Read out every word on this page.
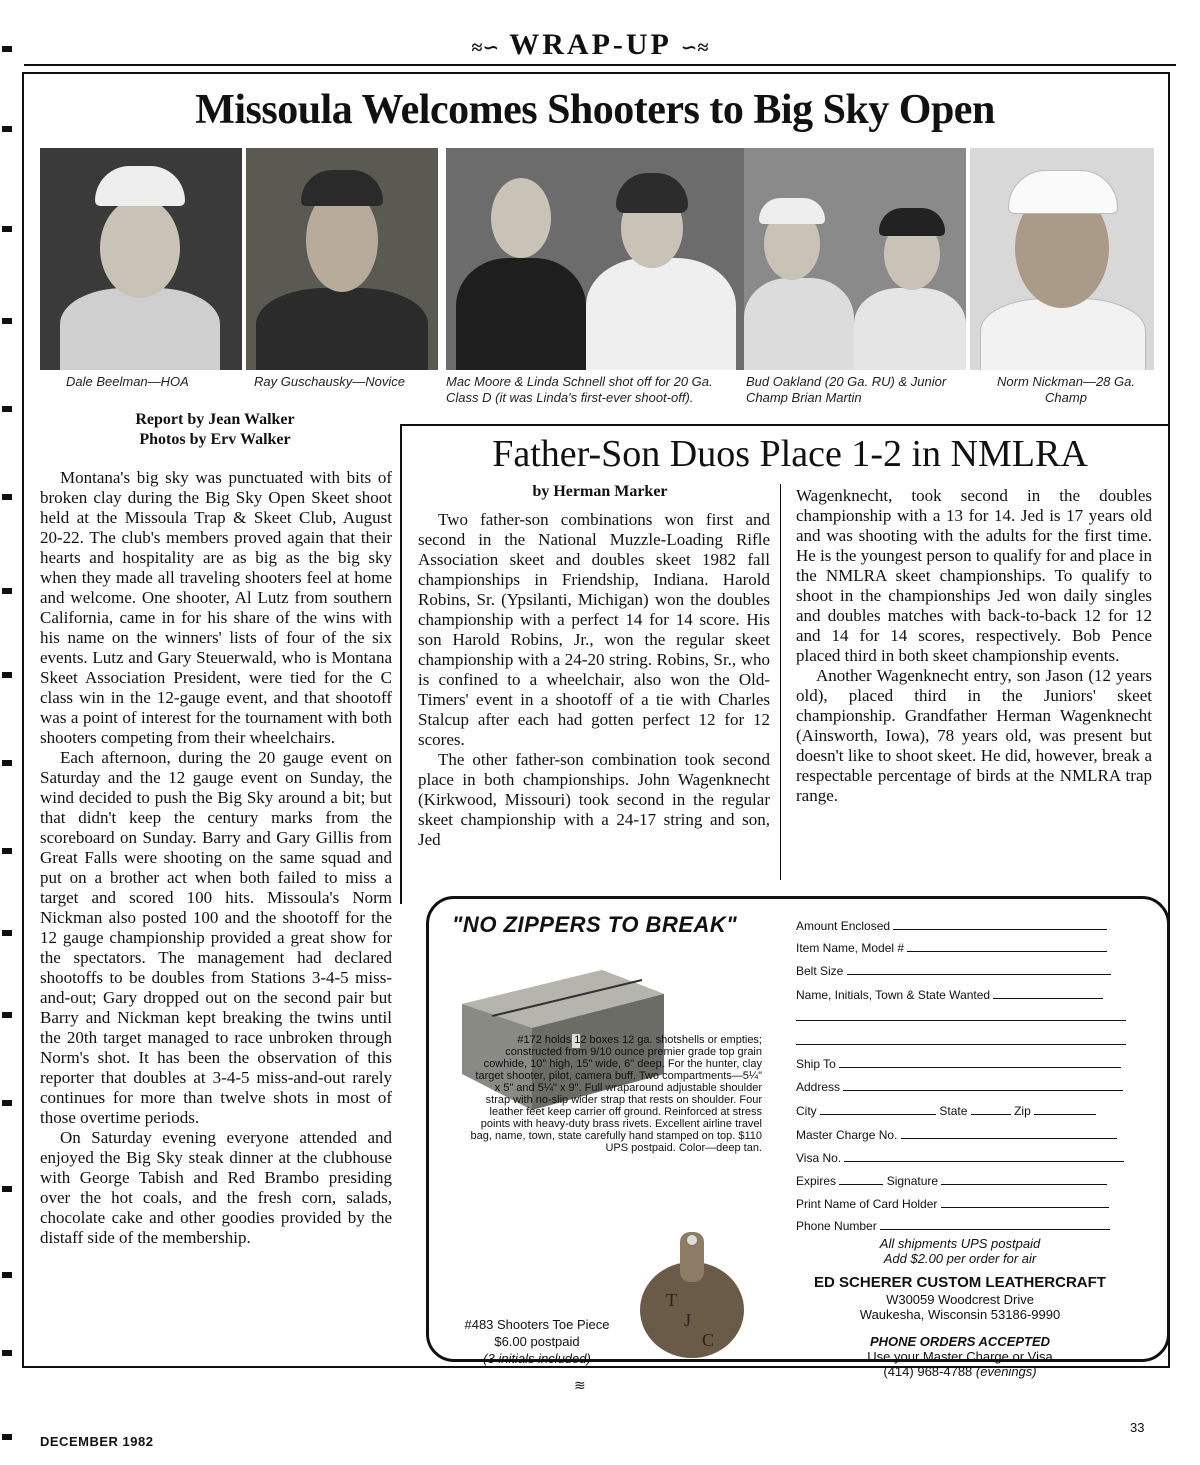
≈∽ WRAP-UP ∽≈
Missoula Welcomes Shooters to Big Sky Open
Dale Beelman—HOA	Ray Guschausky—Novice	Mac Moore & Linda Schnell shot off for 20 Ga. Class D (it was Linda's first-ever shoot-off).
Bud Oakland (20 Ga. RU) & Junior Champ Brian Martin
Norm Nickman—28 Ga. Champ
Report by Jean Walker
Photos by Erv Walker

Montana's big sky was punctuated with bits of broken clay during the Big Sky Open Skeet shoot held at the Missoula Trap & Skeet Club, August 20-22. The club's members proved again that their hearts and hospitality are as big as the big sky when they made all traveling shooters feel at home and welcome. One shooter, Al Lutz from southern California, came in for his share of the wins with his name on the winners' lists of four of the six events. Lutz and Gary Steuerwald, who is Montana Skeet Association President, were tied for the C class win in the 12-gauge event, and that shootoff was a point of interest for the tournament with both shooters competing from their wheelchairs.

Each afternoon, during the 20 gauge event on Saturday and the 12 gauge event on Sunday, the wind decided to push the Big Sky around a bit; but that didn't keep the century marks from the scoreboard on Sunday. Barry and Gary Gillis from Great Falls were shooting on the same squad and put on a brother act when both failed to miss a target and scored 100 hits. Missoula's Norm Nickman also posted 100 and the shootoff for the 12 gauge championship provided a great show for the spectators. The management had declared shootoffs to be doubles from Stations 3-4-5 miss-and-out; Gary dropped out on the second pair but Barry and Nickman kept breaking the twins until the 20th target managed to race unbroken through Norm's shot. It has been the observation of this reporter that doubles at 3-4-5 miss-and-out rarely continues for more than twelve shots in most of those overtime periods.

On Saturday evening everyone attended and enjoyed the Big Sky steak dinner at the clubhouse with George Tabish and Red Brambo presiding over the hot coals, and the fresh corn, salads, chocolate cake and other goodies provided by the distaff side of the membership.

Father-Son Duos Place 1-2 in NMLRA
by Herman Marker

Two father-son combinations won first and second in the National Muzzle-Loading Rifle Association skeet and doubles skeet 1982 fall championships in Friendship, Indiana. Harold Robins, Sr. (Ypsilanti, Michigan) won the doubles championship with a perfect 14 for 14 score. His son Harold Robins, Jr., won the regular skeet championship with a 24-20 string. Robins, Sr., who is confined to a wheelchair, also won the Old-Timers' event in a shootoff of a tie with Charles Stalcup after each had gotten perfect 12 for 12 scores.

The other father-son combination took second place in both championships. John Wagenknecht (Kirkwood, Missouri) took second in the regular skeet championship with a 24-17 string and son, Jed

Wagenknecht, took second in the doubles championship with a 13 for 14. Jed is 17 years old and was shooting with the adults for the first time. He is the youngest person to qualify for and place in the NMLRA skeet championships. To qualify to shoot in the championships Jed won daily singles and doubles matches with back-to-back 12 for 12 and 14 for 14 scores, respectively. Bob Pence placed third in both skeet championship events.

Another Wagenknecht entry, son Jason (12 years old), placed third in the Juniors' skeet championship. Grandfather Herman Wagenknecht (Ainsworth, Iowa), 78 years old, was present but doesn't like to shoot skeet. He did, however, break a respectable percentage of birds at the NMLRA trap range.

"NO ZIPPERS TO BREAK"
#172 holds 12 boxes 12 ga. shotshells or empties; constructed from 9/10 ounce premier grade top grain cowhide, 10" high, 15" wide, 6" deep. For the hunter, clay target shooter, pilot, camera buff. Two compartments—5¼" x 5" and 5¼" x 9". Full wraparound adjustable shoulder strap with no-slip wider strap that rests on shoulder. Four leather feet keep carrier off ground. Reinforced at stress points with heavy-duty brass rivets. Excellent airline travel bag, name, town, state carefully hand stamped on top. $110 UPS postpaid. Color—deep tan.
T
J
C
#483 Shooters Toe Piece
$6.00 postpaid
(3 initials included)
Amount Enclosed
Item Name, Model #
Belt Size
Name, Initials, Town & State Wanted
Ship To
Address
City	State	Zip
Master Charge No.
Visa No.
Expires	Signature
Print Name of Card Holder
Phone Number
All shipments UPS postpaid
Add $2.00 per order for air
ED SCHERER CUSTOM LEATHERCRAFT
W30059 Woodcrest Drive
Waukesha, Wisconsin 53186-9990
PHONE ORDERS ACCEPTED
Use your Master Charge or Visa
(414) 968-4788 (evenings)
≋
DECEMBER 1982
33
